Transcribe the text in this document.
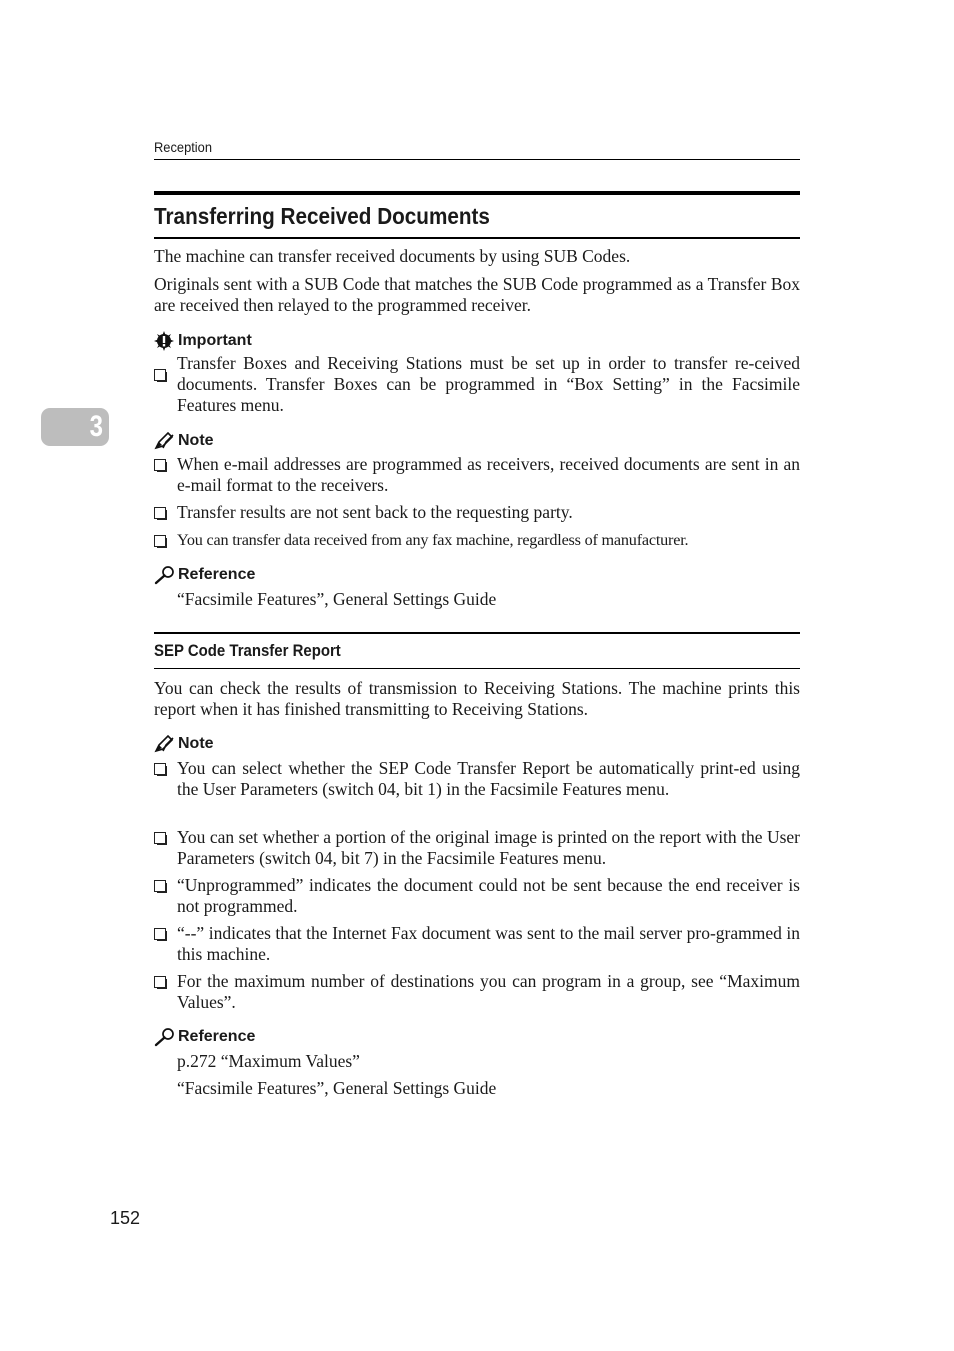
Reception
3
Transferring Received Documents
The machine can transfer received documents by using SUB Codes.
Originals sent with a SUB Code that matches the SUB Code programmed as a Transfer Box are received then relayed to the programmed receiver.
Important
Transfer Boxes and Receiving Stations must be set up in order to transfer re-ceived documents. Transfer Boxes can be programmed in “Box Setting” in the Facsimile Features menu.
Note
When e-mail addresses are programmed as receivers, received documents are sent in an e-mail format to the receivers.
Transfer results are not sent back to the requesting party.
You can transfer data received from any fax machine, regardless of manufacturer.
Reference
“Facsimile Features”, General Settings Guide
SEP Code Transfer Report
You can check the results of transmission to Receiving Stations. The machine prints this report when it has finished transmitting to Receiving Stations.
Note
You can select whether the SEP Code Transfer Report be automatically print-ed using the User Parameters (switch 04, bit 1) in the Facsimile Features menu.
You can set whether a portion of the original image is printed on the report with the User Parameters (switch 04, bit 7) in the Facsimile Features menu.
“Unprogrammed” indicates the document could not be sent because the end receiver is not programmed.
“--” indicates that the Internet Fax document was sent to the mail server pro-grammed in this machine.
For the maximum number of destinations you can program in a group, see “Maximum Values”.
Reference
p.272 “Maximum Values”
“Facsimile Features”, General Settings Guide
152
